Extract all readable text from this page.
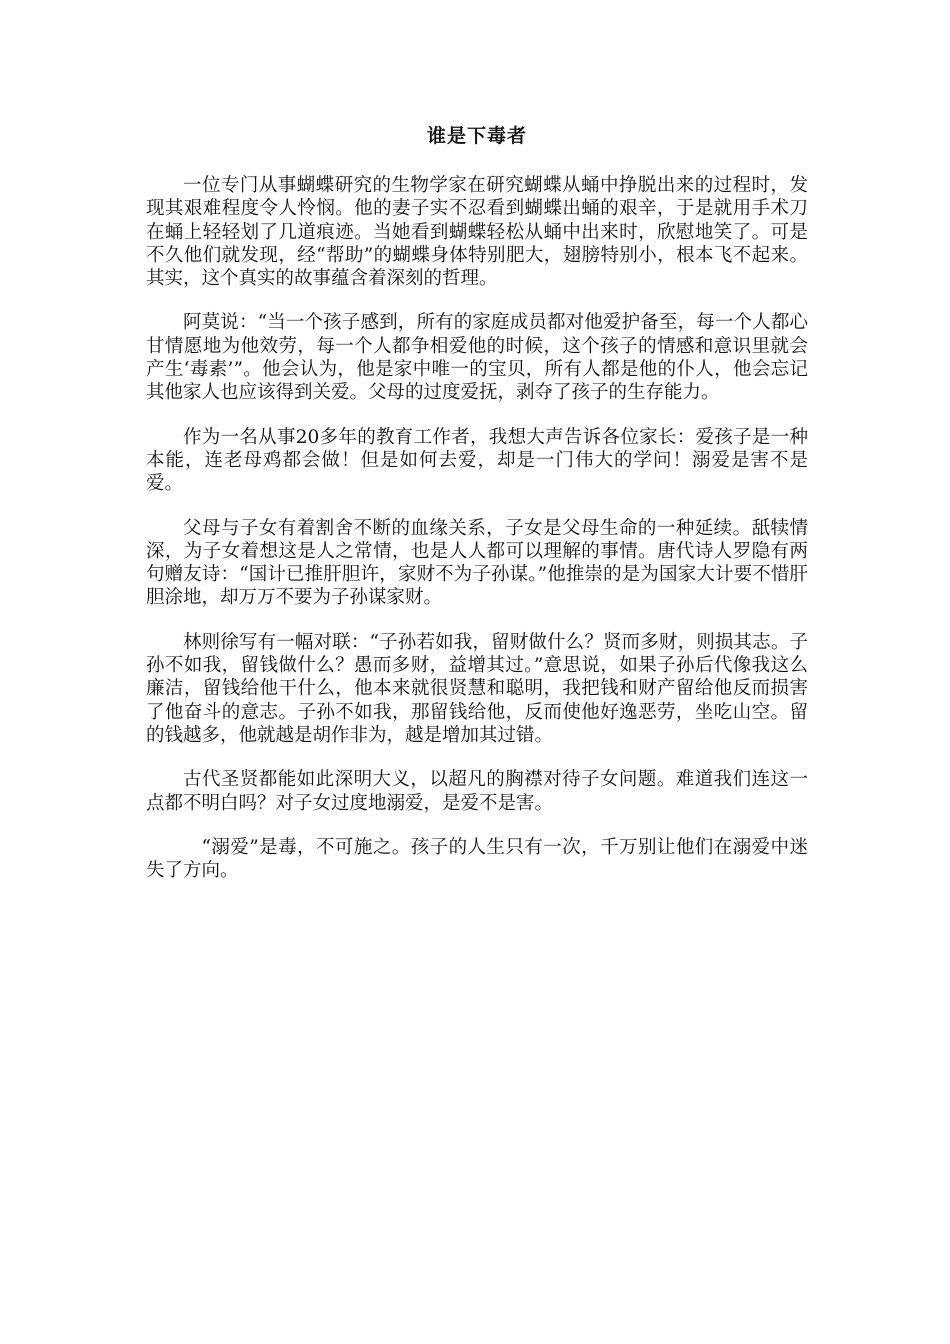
谁是下毒者

一位专门从事蝴蝶研究的生物学家在研究蝴蝶从蛹中挣脱出来的过程时，发现其艰难程度令人怜悯。他的妻子实不忍看到蝴蝶出蛹的艰辛，于是就用手术刀在蛹上轻轻划了几道痕迹。当她看到蝴蝶轻松从蛹中出来时，欣慰地笑了。可是不久他们就发现，经“帮助”的蝴蝶身体特别肥大，翅膀特别小，根本飞不起来。 其实，这个真实的故事蕴含着深刻的哲理。

阿莫说：“当一个孩子感到，所有的家庭成员都对他爱护备至，每一个人都心甘情愿地为他效劳，每一个人都争相爱他的时候，这个孩子的情感和意识里就会产生‘毒素’”。他会认为，他是家中唯一的宝贝，所有人都是他的仆人，他会忘记其他家人也应该得到关爱。父母的过度爱抚，剥夺了孩子的生存能力。

作为一名从事20多年的教育工作者，我想大声告诉各位家长：爱孩子是一种本能，连老母鸡都会做！但是如何去爱，却是一门伟大的学问！溺爱是害不是爱。

父母与子女有着割舍不断的血缘关系，子女是父母生命的一种延续。舐犊情深，为子女着想这是人之常情，也是人人都可以理解的事情。唐代诗人罗隐有两句赠友诗：“国计已推肝胆许，家财不为子孙谋。”他推崇的是为国家大计要不惜肝胆涂地，却万万不要为子孙谋家财。

林则徐写有一幅对联：“子孙若如我，留财做什么？贤而多财，则损其志。子孙不如我，留钱做什么？愚而多财，益增其过。”意思说，如果子孙后代像我这么廉洁，留钱给他干什么，他本来就很贤慧和聪明，我把钱和财产留给他反而损害了他奋斗的意志。子孙不如我，那留钱给他，反而使他好逸恶劳，坐吃山空。留的钱越多，他就越是胡作非为，越是增加其过错。

古代圣贤都能如此深明大义，以超凡的胸襟对待子女问题。难道我们连这一点都不明白吗？对子女过度地溺爱，是爱不是害。

“溺爱”是毒，不可施之。孩子的人生只有一次，千万别让他们在溺爱中迷失了方向。
